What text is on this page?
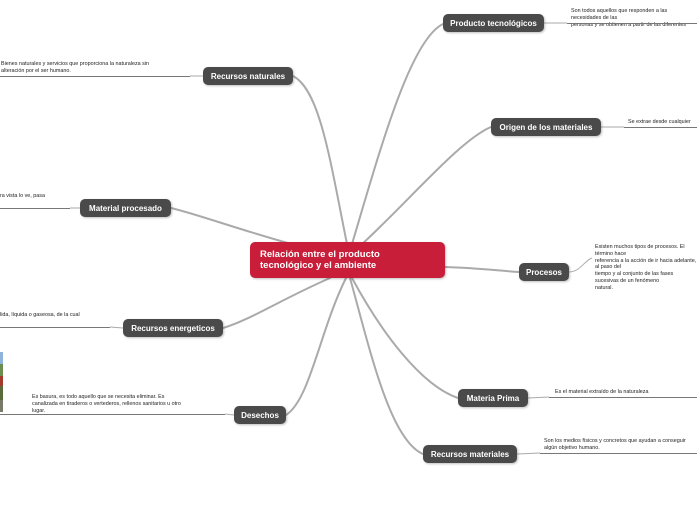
Relación entre el producto tecnológico y el ambiente
Producto tecnológicos
Recursos naturales
Origen de los materiales
Material procesado
Procesos
Recursos energeticos
Desechos
Materia Prima
Recursos materiales
Son todos aquellos que responden a las necesidades de las
personas y se obtienen a partir de las diferentes
Bienes naturales y servicios que proporciona la naturaleza sin
alteración por el ser humano.
Se extrae desde cualquier
ra vista lo ve, pasa
Existen muchos tipos de procesos. El término hace
referencia a la acción de ir hacia adelante, al paso del
tiempo y al conjunto de las fases sucesivas de un fenómeno
natural.
lida, líquida o gaseosa, de la cual
Es basura, es todo aquello que se necesita eliminar. Es
canalizada en tiraderos o vertederos, rellenos sanitarios u otro
lugar.
Es el material extraído de la naturaleza
Son los medios físicos y concretos que ayudan a conseguir
algún objetivo humano.
